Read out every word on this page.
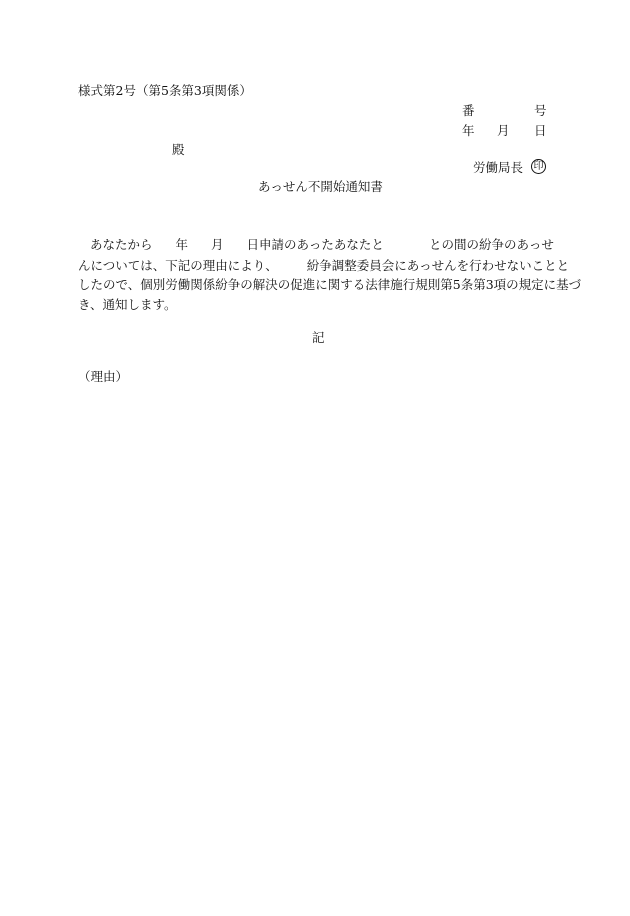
様式第2号（第5条第3項関係）
番	号
年 月 日
殿
労働局長 印
あっせん不開始通知書
あなたから 年 月 日申請のあったあなたと	との間の紛争のあっせ
んについては、下記の理由により、 紛争調整委員会にあっせんを行わせないことと
したので、個別労働関係紛争の解決の促進に関する法律施行規則第5条第3項の規定に基づ
き、通知します。
記
（理由）
